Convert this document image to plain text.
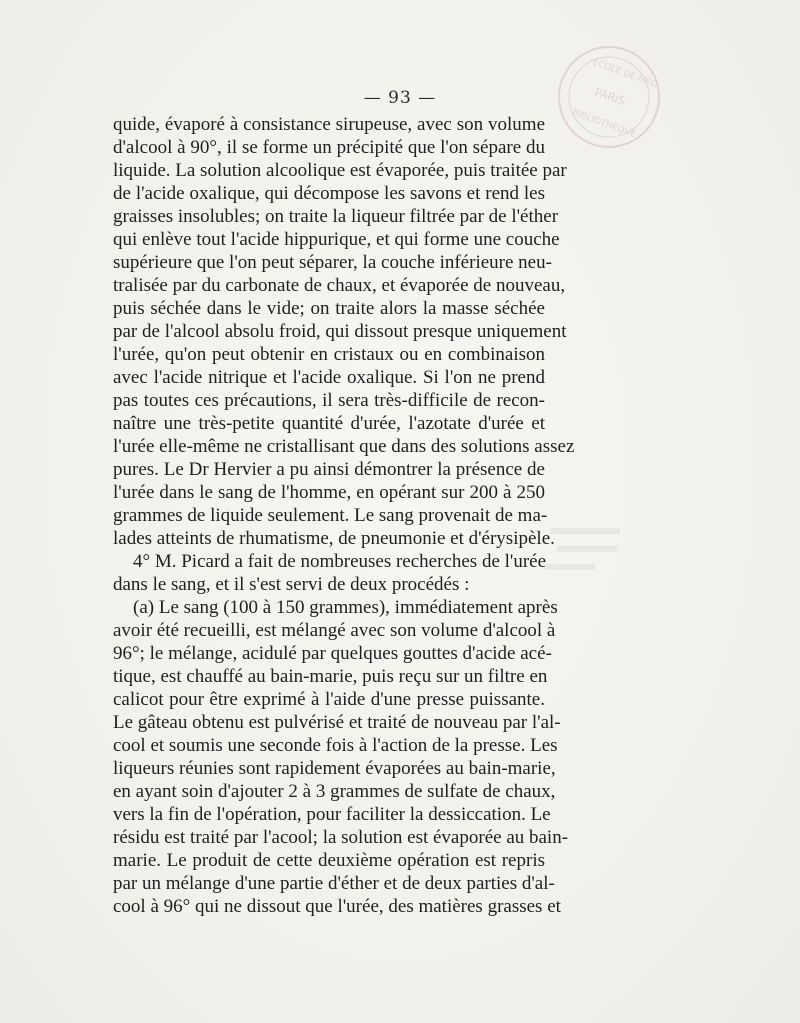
ÉCOLE DE MÉD.
PARIS
BIBLIOTHÈQUE
— 93 —
quide, évaporé à consistance sirupeuse, avec son volume
d'alcool à 90°, il se forme un précipité que l'on sépare du
liquide. La solution alcoolique est évaporée, puis traitée par
de l'acide oxalique, qui décompose les savons et rend les
graisses insolubles; on traite la liqueur filtrée par de l'éther
qui enlève tout l'acide hippurique, et qui forme une couche
supérieure que l'on peut séparer, la couche inférieure neu-
tralisée par du carbonate de chaux, et évaporée de nouveau,
puis séchée dans le vide; on traite alors la masse séchée
par de l'alcool absolu froid, qui dissout presque uniquement
l'urée, qu'on peut obtenir en cristaux ou en combinaison
avec l'acide nitrique et l'acide oxalique. Si l'on ne prend
pas toutes ces précautions, il sera très-difficile de recon-
naître une très-petite quantité d'urée, l'azotate d'urée et
l'urée elle-même ne cristallisant que dans des solutions assez
pures. Le Dr Hervier a pu ainsi démontrer la présence de
l'urée dans le sang de l'homme, en opérant sur 200 à 250
grammes de liquide seulement. Le sang provenait de ma-
lades atteints de rhumatisme, de pneumonie et d'érysipèle.
4° M. Picard a fait de nombreuses recherches de l'urée
dans le sang, et il s'est servi de deux procédés :
(a) Le sang (100 à 150 grammes), immédiatement après
avoir été recueilli, est mélangé avec son volume d'alcool à
96°; le mélange, acidulé par quelques gouttes d'acide acé-
tique, est chauffé au bain-marie, puis reçu sur un filtre en
calicot pour être exprimé à l'aide d'une presse puissante.
Le gâteau obtenu est pulvérisé et traité de nouveau par l'al-
cool et soumis une seconde fois à l'action de la presse. Les
liqueurs réunies sont rapidement évaporées au bain-marie,
en ayant soin d'ajouter 2 à 3 grammes de sulfate de chaux,
vers la fin de l'opération, pour faciliter la dessiccation. Le
résidu est traité par l'acool; la solution est évaporée au bain-
marie. Le produit de cette deuxième opération est repris
par un mélange d'une partie d'éther et de deux parties d'al-
cool à 96° qui ne dissout que l'urée, des matières grasses et
